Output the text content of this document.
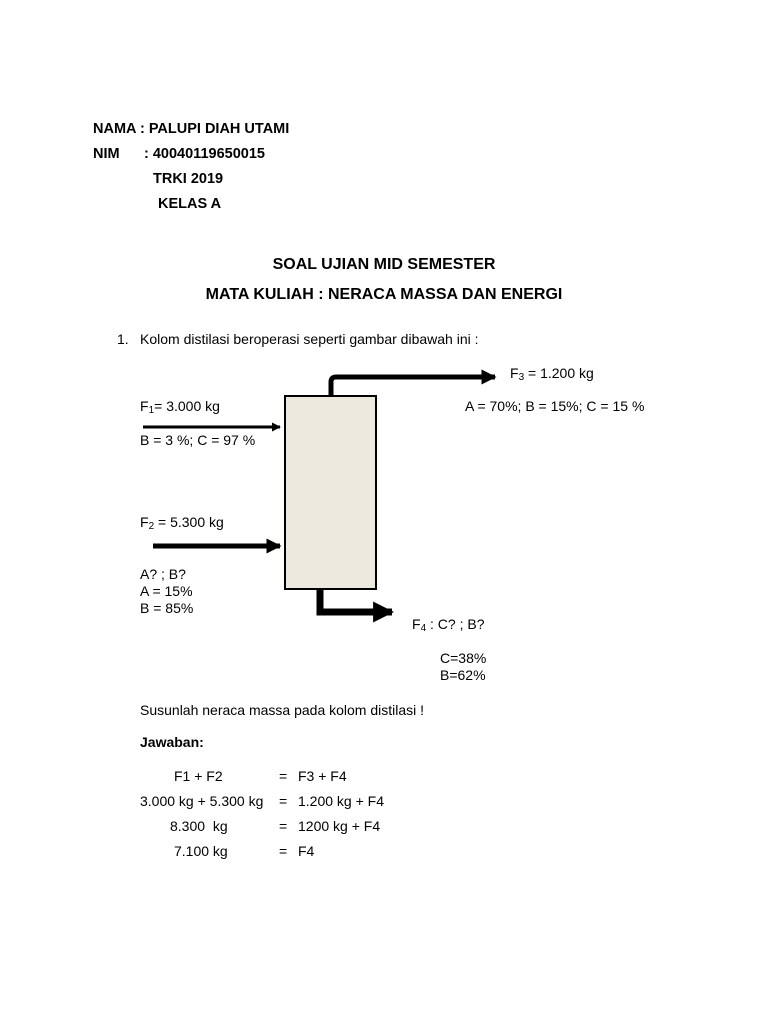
NAMA : PALUPI DIAH UTAMI
NIM : 40040119650015
TRKI 2019
KELAS A
SOAL UJIAN MID SEMESTER
MATA KULIAH : NERACA MASSA DAN ENERGI
1. Kolom distilasi beroperasi seperti gambar dibawah ini :
$F_3 = 1.200$ kg
A = 70%; B = 15%; C = 15 %
$F_1= 3.000$ kg
B = 3 %; C = 97 %
$F_2 = 5.300$ kg
A? ; B?
A = 15%
B = 85%
$F_4$ : C? ; B?
C=38%
B=62%
Susunlah neraca massa pada kolom distilasi !
Jawaban:
F1 + F2	= F3 + F4
3.000 kg + 5.300 kg = 1.200 kg + F4
8.300  kg	= 1200 kg + F4
7.100 kg	= F4
